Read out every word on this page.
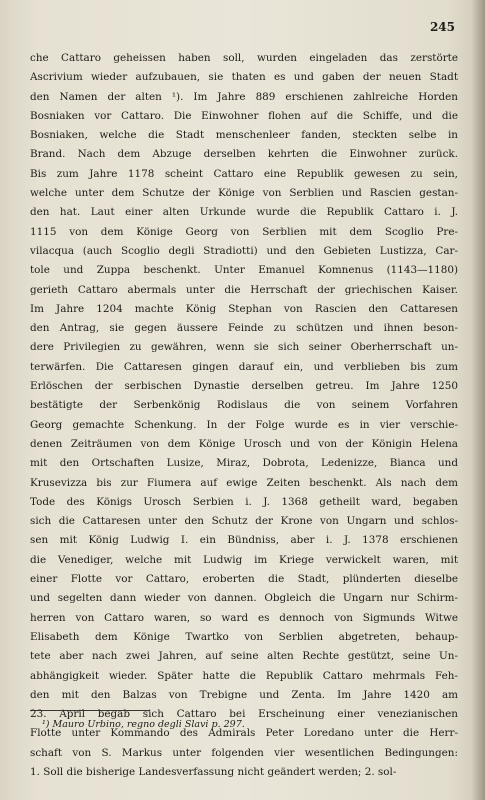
245
che Cattaro geheissen haben soll, wurden eingeladen das zerstörte
Ascrivium wieder aufzubauen, sie thaten es und gaben der neuen Stadt
den Namen der alten ¹). Im Jahre 889 erschienen zahlreiche Horden
Bosniaken vor Cattaro. Die Einwohner flohen auf die Schiffe, und die
Bosniaken, welche die Stadt menschenleer fanden, steckten selbe in
Brand. Nach dem Abzuge derselben kehrten die Einwohner zurück.
Bis zum Jahre 1178 scheint Cattaro eine Republik gewesen zu sein,
welche unter dem Schutze der Könige von Serblien und Rascien gestan-
den hat. Laut einer alten Urkunde wurde die Republik Cattaro i. J.
1115 von dem Könige Georg von Serblien mit dem Scoglio Pre-
vilacqua (auch Scoglio degli Stradiotti) und den Gebieten Lustizza, Car-
tole und Zuppa beschenkt. Unter Emanuel Komnenus (1143—1180)
gerieth Cattaro abermals unter die Herrschaft der griechischen Kaiser.
Im Jahre 1204 machte König Stephan von Rascien den Cattaresen
den Antrag, sie gegen äussere Feinde zu schützen und ihnen beson-
dere Privilegien zu gewähren, wenn sie sich seiner Oberherrschaft un-
terwärfen. Die Cattaresen gingen darauf ein, und verblieben bis zum
Erlöschen der serbischen Dynastie derselben getreu. Im Jahre 1250
bestätigte der Serbenkönig Rodislaus die von seinem Vorfahren
Georg gemachte Schenkung. In der Folge wurde es in vier verschie-
denen Zeiträumen von dem Könige Urosch und von der Königin Helena
mit den Ortschaften Lusize, Miraz, Dobrota, Ledenizze, Bianca und
Krusevizza bis zur Fiumera auf ewige Zeiten beschenkt. Als nach dem
Tode des Königs Urosch Serbien i. J. 1368 getheilt ward, begaben
sich die Cattaresen unter den Schutz der Krone von Ungarn und schlos-
sen mit König Ludwig I. ein Bündniss, aber i. J. 1378 erschienen
die Venediger, welche mit Ludwig im Kriege verwickelt waren, mit
einer Flotte vor Cattaro, eroberten die Stadt, plünderten dieselbe
und segelten dann wieder von dannen. Obgleich die Ungarn nur Schirm-
herren von Cattaro waren, so ward es dennoch von Sigmunds Witwe
Elisabeth dem Könige Twartko von Serblien abgetreten, behaup-
tete aber nach zwei Jahren, auf seine alten Rechte gestützt, seine Un-
abhängigkeit wieder. Später hatte die Republik Cattaro mehrmals Feh-
den mit den Balzas von Trebigne und Zenta. Im Jahre 1420 am
23. April begab sich Cattaro bei Erscheinung einer venezianischen
Flotte unter Kommando des Admirals Peter Loredano unter die Herr-
schaft von S. Markus unter folgenden vier wesentlichen Bedingungen:
1. Soll die bisherige Landesverfassung nicht geändert werden; 2. sol-
¹) Mauro Urbino, regno degli Slavi p. 297.
